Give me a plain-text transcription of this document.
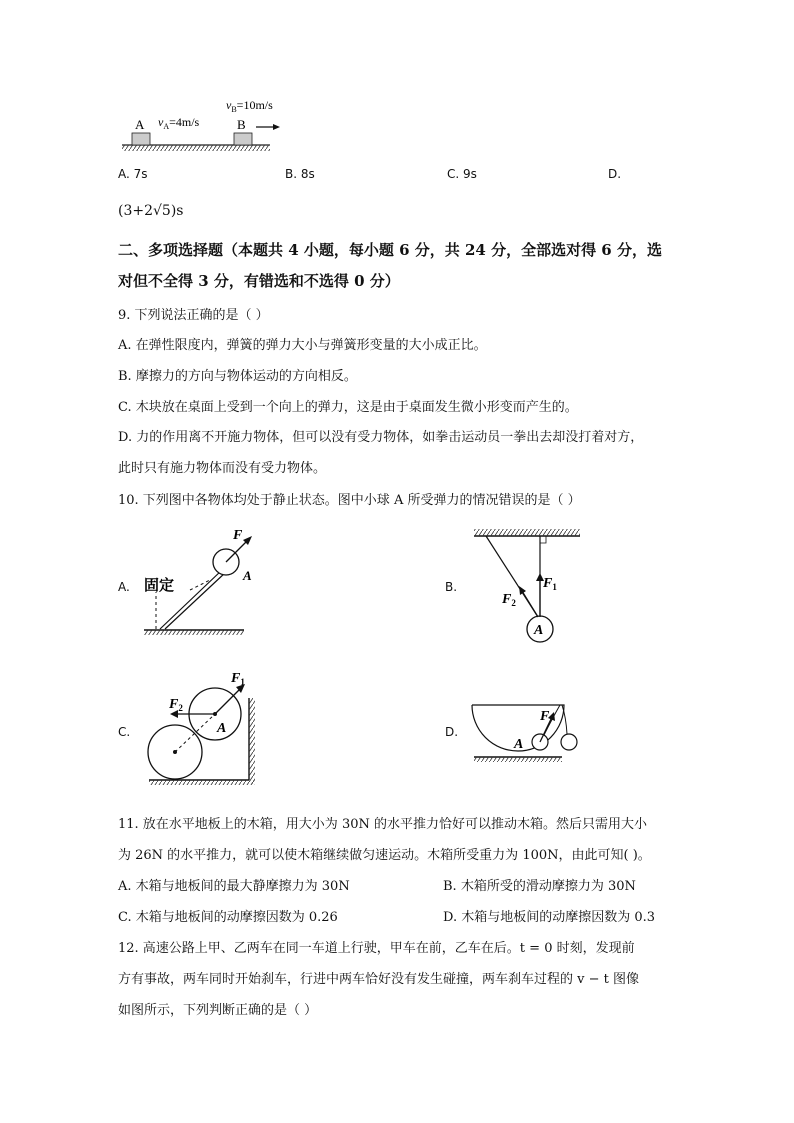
A	B
$v_A=4m/s$
$v_B=10m/s$
A. 7s	B. 8s	C. 9s	D.
(3+2√5)s
二、多项选择题（本题共 4 小题，每小题 6 分，共 24 分，全部选对得 6 分，选
对但不全得 3 分，有错选和不选得 0 分）
9. 下列说法正确的是（ ）
A. 在弹性限度内，弹簧的弹力大小与弹簧形变量的大小成正比。
B. 摩擦力的方向与物体运动的方向相反。
C. 木块放在桌面上受到一个向上的弹力，这是由于桌面发生微小形变而产生的。
D. 力的作用离不开施力物体，但可以没有受力物体，如拳击运动员一拳出去却没打着对方，
此时只有施力物体而没有受力物体。
10. 下列图中各物体均处于静止状态。图中小球 A 所受弹力的情况错误的是（ ）
A.	B.
C.	D.
F
A
固定	$F_1$
$F_2$
A
$F_1$
$F_2$
A
F
A
11. 放在水平地板上的木箱，用大小为 30N 的水平推力恰好可以推动木箱。然后只需用大小
为 26N 的水平推力，就可以使木箱继续做匀速运动。木箱所受重力为 100N，由此可知( )。
A. 木箱与地板间的最大静摩擦力为 30N	B. 木箱所受的滑动摩擦力为 30N
C. 木箱与地板间的动摩擦因数为 0.26	D. 木箱与地板间的动摩擦因数为 0.3
12. 高速公路上甲、乙两车在同一车道上行驶，甲车在前，乙车在后。t = 0 时刻，发现前
方有事故，两车同时开始刹车，行进中两车恰好没有发生碰撞，两车刹车过程的 v − t 图像
如图所示，下列判断正确的是（ ）
